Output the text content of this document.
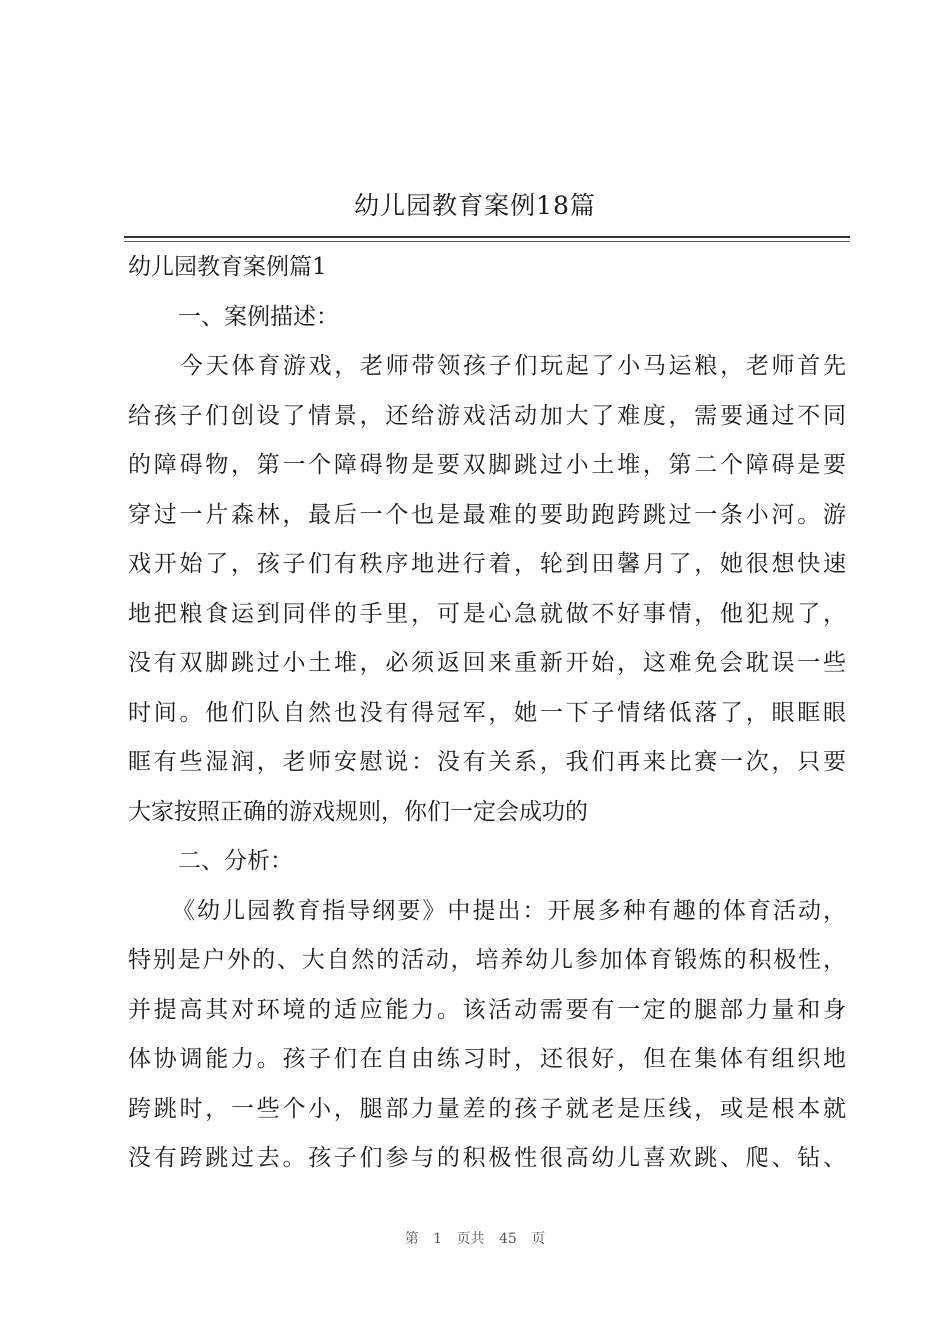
幼儿园教育案例18篇
幼儿园教育案例篇1
一、案例描述：
今天体育游戏，老师带领孩子们玩起了小马运粮，老师首先
给孩子们创设了情景，还给游戏活动加大了难度，需要通过不同
的障碍物，第一个障碍物是要双脚跳过小土堆，第二个障碍是要
穿过一片森林，最后一个也是最难的要助跑跨跳过一条小河。游
戏开始了，孩子们有秩序地进行着，轮到田馨月了，她很想快速
地把粮食运到同伴的手里，可是心急就做不好事情，他犯规了，
没有双脚跳过小土堆，必须返回来重新开始，这难免会耽误一些
时间。他们队自然也没有得冠军，她一下子情绪低落了，眼眶眼
眶有些湿润，老师安慰说：没有关系，我们再来比赛一次，只要
大家按照正确的游戏规则，你们一定会成功的
二、分析：
《幼儿园教育指导纲要》中提出：开展多种有趣的体育活动，
特别是户外的、大自然的活动，培养幼儿参加体育锻炼的积极性，
并提高其对环境的适应能力。该活动需要有一定的腿部力量和身
体协调能力。孩子们在自由练习时，还很好，但在集体有组织地
跨跳时，一些个小，腿部力量差的孩子就老是压线，或是根本就
没有跨跳过去。孩子们参与的积极性很高幼儿喜欢跳、爬、钻、
第 1 页共 45 页
